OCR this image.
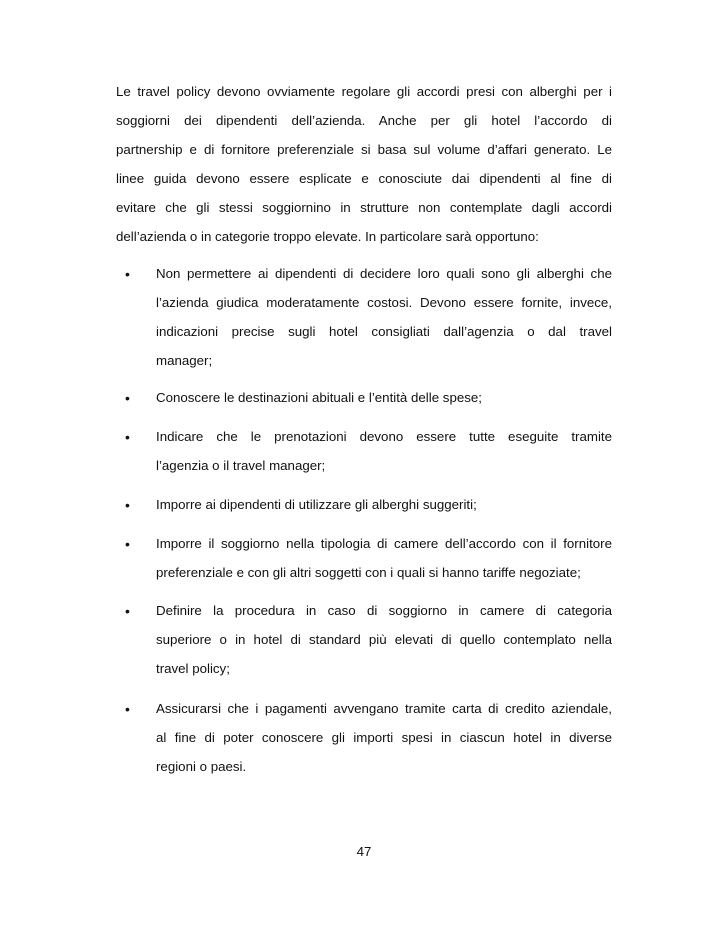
Le travel policy devono ovviamente regolare gli accordi presi con alberghi per i
soggiorni dei dipendenti dell’azienda. Anche per gli hotel l’accordo di
partnership e di fornitore preferenziale si basa sul volume d’affari generato. Le
linee guida devono essere esplicate e conosciute dai dipendenti al fine di
evitare che gli stessi soggiornino in strutture non contemplate dagli accordi
dell’azienda o in categorie troppo elevate. In particolare sarà opportuno:
• Non permettere ai dipendenti di decidere loro quali sono gli alberghi che
l’azienda giudica moderatamente costosi. Devono essere fornite, invece,
indicazioni precise sugli hotel consigliati dall’agenzia o dal travel
manager;
• Conoscere le destinazioni abituali e l’entità delle spese;
• Indicare che le prenotazioni devono essere tutte eseguite tramite
l’agenzia o il travel manager;
• Imporre ai dipendenti di utilizzare gli alberghi suggeriti;
• Imporre il soggiorno nella tipologia di camere dell’accordo con il fornitore
preferenziale e con gli altri soggetti con i quali si hanno tariffe negoziate;
• Definire la procedura in caso di soggiorno in camere di categoria
superiore o in hotel di standard più elevati di quello contemplato nella
travel policy;
• Assicurarsi che i pagamenti avvengano tramite carta di credito aziendale,
al fine di poter conoscere gli importi spesi in ciascun hotel in diverse
regioni o paesi.
47
